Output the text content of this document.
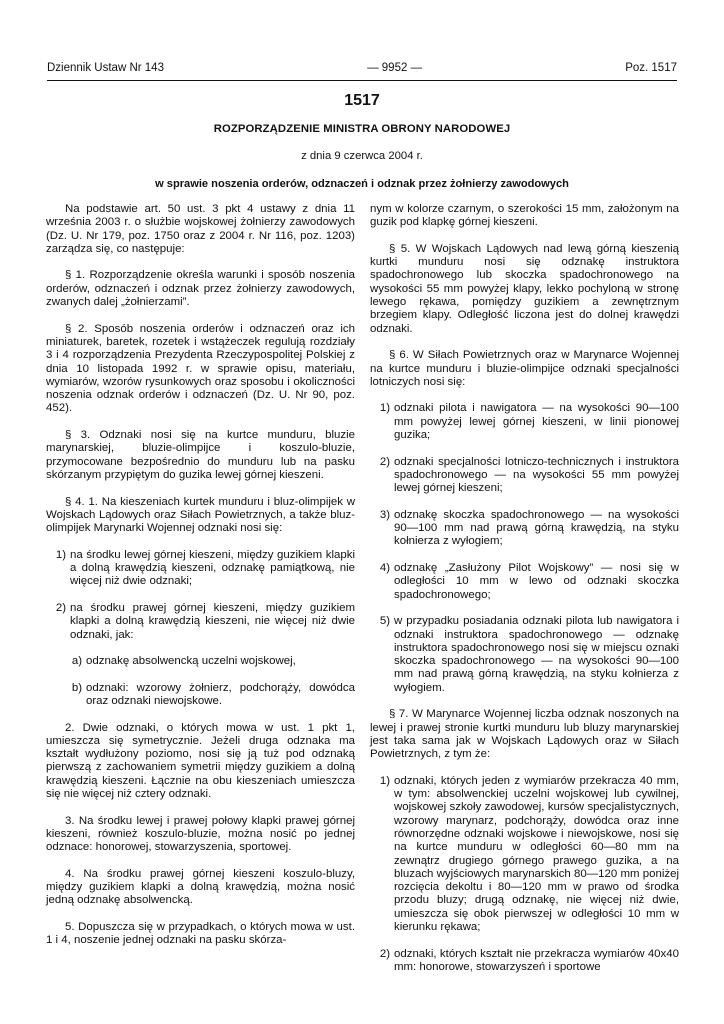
Dziennik Ustaw Nr 143	— 9952 —	Poz. 1517
1517
ROZPORZĄDZENIE MINISTRA OBRONY NARODOWEJ
z dnia 9 czerwca 2004 r.
w sprawie noszenia orderów, odznaczeń i odznak przez żołnierzy zawodowych

Na podstawie art. 50 ust. 3 pkt 4 ustawy z dnia 11 września 2003 r. o służbie wojskowej żołnierzy zawodowych (Dz. U. Nr 179, poz. 1750 oraz z 2004 r. Nr 116, poz. 1203) zarządza się, co następuje:

§ 1. Rozporządzenie określa warunki i sposób noszenia orderów, odznaczeń i odznak przez żołnierzy zawodowych, zwanych dalej „żołnierzami”.

§ 2. Sposób noszenia orderów i odznaczeń oraz ich miniaturek, baretek, rozetek i wstążeczek regulują rozdziały 3 i 4 rozporządzenia Prezydenta Rzeczypospolitej Polskiej z dnia 10 listopada 1992 r. w sprawie opisu, materiału, wymiarów, wzorów rysunkowych oraz sposobu i okoliczności noszenia odznak orderów i odznaczeń (Dz. U. Nr 90, poz. 452).

§ 3. Odznaki nosi się na kurtce munduru, bluzie marynarskiej, bluzie-olimpijce i koszulo-bluzie, przymocowane bezpośrednio do munduru lub na pasku skórzanym przypiętym do guzika lewej górnej kieszeni.

§ 4. 1. Na kieszeniach kurtek munduru i bluz-olimpijek w Wojskach Lądowych oraz Siłach Powietrznych, a także bluz-olimpijek Marynarki Wojennej odznaki nosi się:

1) na środku lewej górnej kieszeni, między guzikiem klapki a dolną krawędzią kieszeni, odznakę pamiątkową, nie więcej niż dwie odznaki;
2) na środku prawej górnej kieszeni, między guzikiem klapki a dolną krawędzią kieszeni, nie więcej niż dwie odznaki, jak:
a) odznakę absolwencką uczelni wojskowej,
b) odznaki: wzorowy żołnierz, podchorąży, dowódca oraz odznaki niewojskowe.

2. Dwie odznaki, o których mowa w ust. 1 pkt 1, umieszcza się symetrycznie. Jeżeli druga odznaka ma kształt wydłużony poziomo, nosi się ją tuż pod odznaką pierwszą z zachowaniem symetrii między guzikiem a dolną krawędzią kieszeni. Łącznie na obu kieszeniach umieszcza się nie więcej niż cztery odznaki.

3. Na środku lewej i prawej połowy klapki prawej górnej kieszeni, również koszulo-bluzie, można nosić po jednej odznace: honorowej, stowarzyszenia, sportowej.

4. Na środku prawej górnej kieszeni koszulo-bluzy, między guzikiem klapki a dolną krawędzią, można nosić jedną odznakę absolwencką.

5. Dopuszcza się w przypadkach, o których mowa w ust. 1 i 4, noszenie jednej odznaki na pasku skórza-

nym w kolorze czarnym, o szerokości 15 mm, założonym na guzik pod klapkę górnej kieszeni.

§ 5. W Wojskach Lądowych nad lewą górną kieszenią kurtki munduru nosi się odznakę instruktora spadochronowego lub skoczka spadochronowego na wysokości 55 mm powyżej klapy, lekko pochyloną w stronę lewego rękawa, pomiędzy guzikiem a zewnętrznym brzegiem klapy. Odległość liczona jest do dolnej krawędzi odznaki.

§ 6. W Siłach Powietrznych oraz w Marynarce Wojennej na kurtce munduru i bluzie-olimpijce odznaki specjalności lotniczych nosi się:

1) odznaki pilota i nawigatora — na wysokości 90—100 mm powyżej lewej górnej kieszeni, w linii pionowej guzika;
2) odznaki specjalności lotniczo-technicznych i instruktora spadochronowego — na wysokości 55 mm powyżej lewej górnej kieszeni;
3) odznakę skoczka spadochronowego — na wysokości 90—100 mm nad prawą górną krawędzią, na styku kołnierza z wyłogiem;
4) odznakę „Zasłużony Pilot Wojskowy” — nosi się w odległości 10 mm w lewo od odznaki skoczka spadochronowego;
5) w przypadku posiadania odznaki pilota lub nawigatora i odznaki instruktora spadochronowego — odznakę instruktora spadochronowego nosi się w miejscu oznaki skoczka spadochronowego — na wysokości 90—100 mm nad prawą górną krawędzią, na styku kołnierza z wyłogiem.

§ 7. W Marynarce Wojennej liczba odznak noszonych na lewej i prawej stronie kurtki munduru lub bluzy marynarskiej jest taka sama jak w Wojskach Lądowych oraz w Siłach Powietrznych, z tym że:

1) odznaki, których jeden z wymiarów przekracza 40 mm, w tym: absolwenckiej uczelni wojskowej lub cywilnej, wojskowej szkoły zawodowej, kursów specjalistycznych, wzorowy marynarz, podchorąży, dowódca oraz inne równorzędne odznaki wojskowe i niewojskowe, nosi się na kurtce munduru w odległości 60—80 mm na zewnątrz drugiego górnego prawego guzika, a na bluzach wyjściowych marynarskich 80—120 mm poniżej rozcięcia dekoltu i 80—120 mm w prawo od środka przodu bluzy; drugą odznakę, nie więcej niż dwie, umieszcza się obok pierwszej w odległości 10 mm w kierunku rękawa;
2) odznaki, których kształt nie przekracza wymiarów 40x40 mm: honorowe, stowarzyszeń i sportowe
